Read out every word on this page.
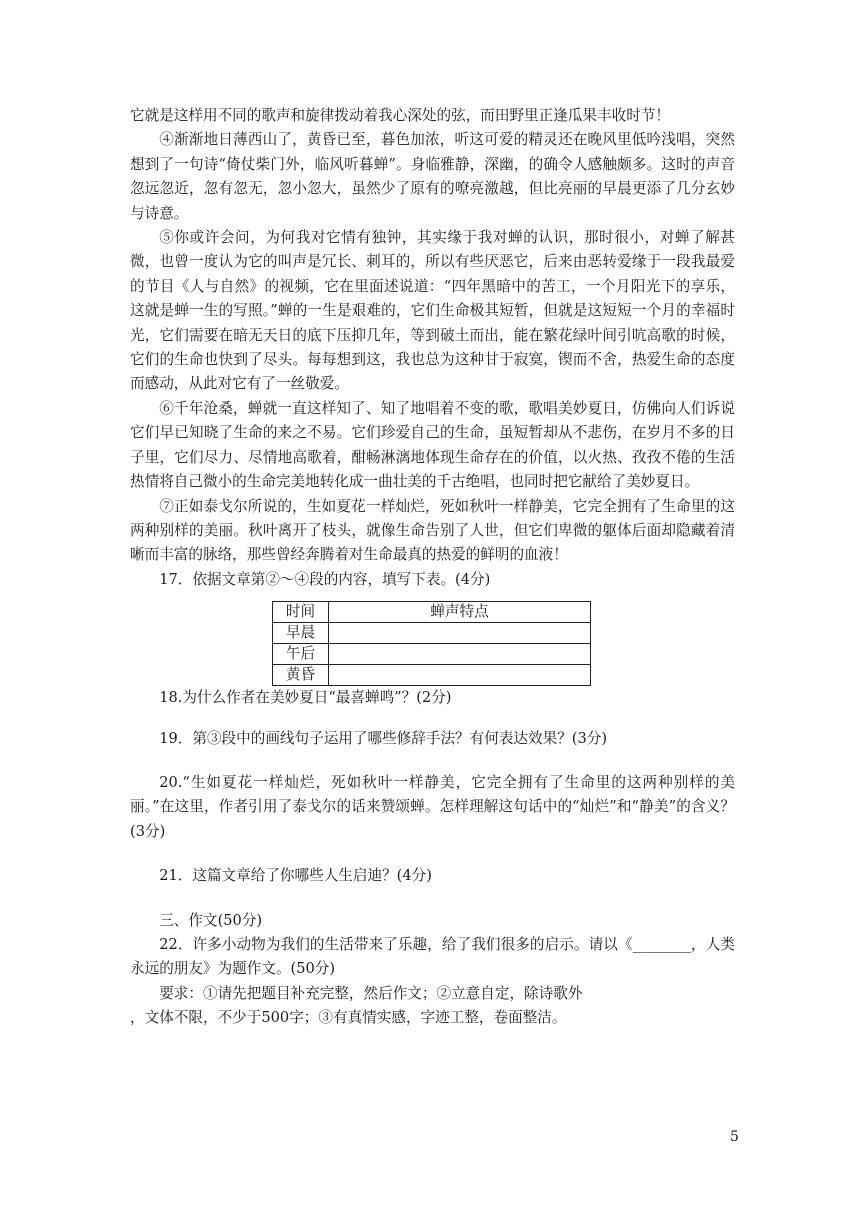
它就是这样用不同的歌声和旋律拨动着我心深处的弦，而田野里正逢瓜果丰收时节！

④渐渐地日薄西山了，黄昏已至，暮色加浓，听这可爱的精灵还在晚风里低吟浅唱，突然想到了一句诗“倚仗柴门外，临风听暮蝉”。身临雅静，深幽，的确令人感触颇多。这时的声音忽远忽近，忽有忽无，忽小忽大，虽然少了原有的嘹亮激越，但比亮丽的早晨更添了几分玄妙与诗意。

⑤你或许会问，为何我对它情有独钟，其实缘于我对蝉的认识，那时很小，对蝉了解甚微，也曾一度认为它的叫声是冗长、刺耳的，所以有些厌恶它，后来由恶转爱缘于一段我最爱的节目《人与自然》的视频，它在里面述说道：“四年黑暗中的苦工，一个月阳光下的享乐，这就是蝉一生的写照。”蝉的一生是艰难的，它们生命极其短暂，但就是这短短一个月的幸福时光，它们需要在暗无天日的底下压抑几年，等到破土而出，能在繁花绿叶间引吭高歌的时候，它们的生命也快到了尽头。每每想到这，我也总为这种甘于寂寞，锲而不舍，热爱生命的态度而感动，从此对它有了一丝敬爱。

⑥千年沧桑，蝉就一直这样知了、知了地唱着不变的歌，歌唱美妙夏日，仿佛向人们诉说它们早已知晓了生命的来之不易。它们珍爱自己的生命，虽短暂却从不悲伤，在岁月不多的日子里，它们尽力、尽情地高歌着，酣畅淋漓地体现生命存在的价值，以火热、孜孜不倦的生活热情将自己微小的生命完美地转化成一曲壮美的千古绝唱，也同时把它献给了美妙夏日。

⑦正如泰戈尔所说的，生如夏花一样灿烂，死如秋叶一样静美，它完全拥有了生命里的这两种别样的美丽。秋叶离开了枝头，就像生命告别了人世，但它们卑微的躯体后面却隐藏着清晰而丰富的脉络，那些曾经奔腾着对生命最真的热爱的鲜明的血液！

17．依据文章第②～④段的内容，填写下表。(4分)

时间	蝉声特点
早晨	
午后	
黄昏	

18.为什么作者在美妙夏日“最喜蝉鸣”？(2分)

19．第③段中的画线句子运用了哪些修辞手法？有何表达效果？(3分)

20.“生如夏花一样灿烂，死如秋叶一样静美，它完全拥有了生命里的这两种别样的美丽。”在这里，作者引用了泰戈尔的话来赞颂蝉。怎样理解这句话中的“灿烂”和“静美”的含义？(3分)

21．这篇文章给了你哪些人生启迪？(4分)

三、作文(50分)

22．许多小动物为我们的生活带来了乐趣，给了我们很多的启示。请以《________，人类永远的朋友》为题作文。(50分)

要求：①请先把题目补充完整，然后作文；②立意自定，除诗歌外

，文体不限，不少于500字；③有真情实感，字迹工整，卷面整洁。

5
